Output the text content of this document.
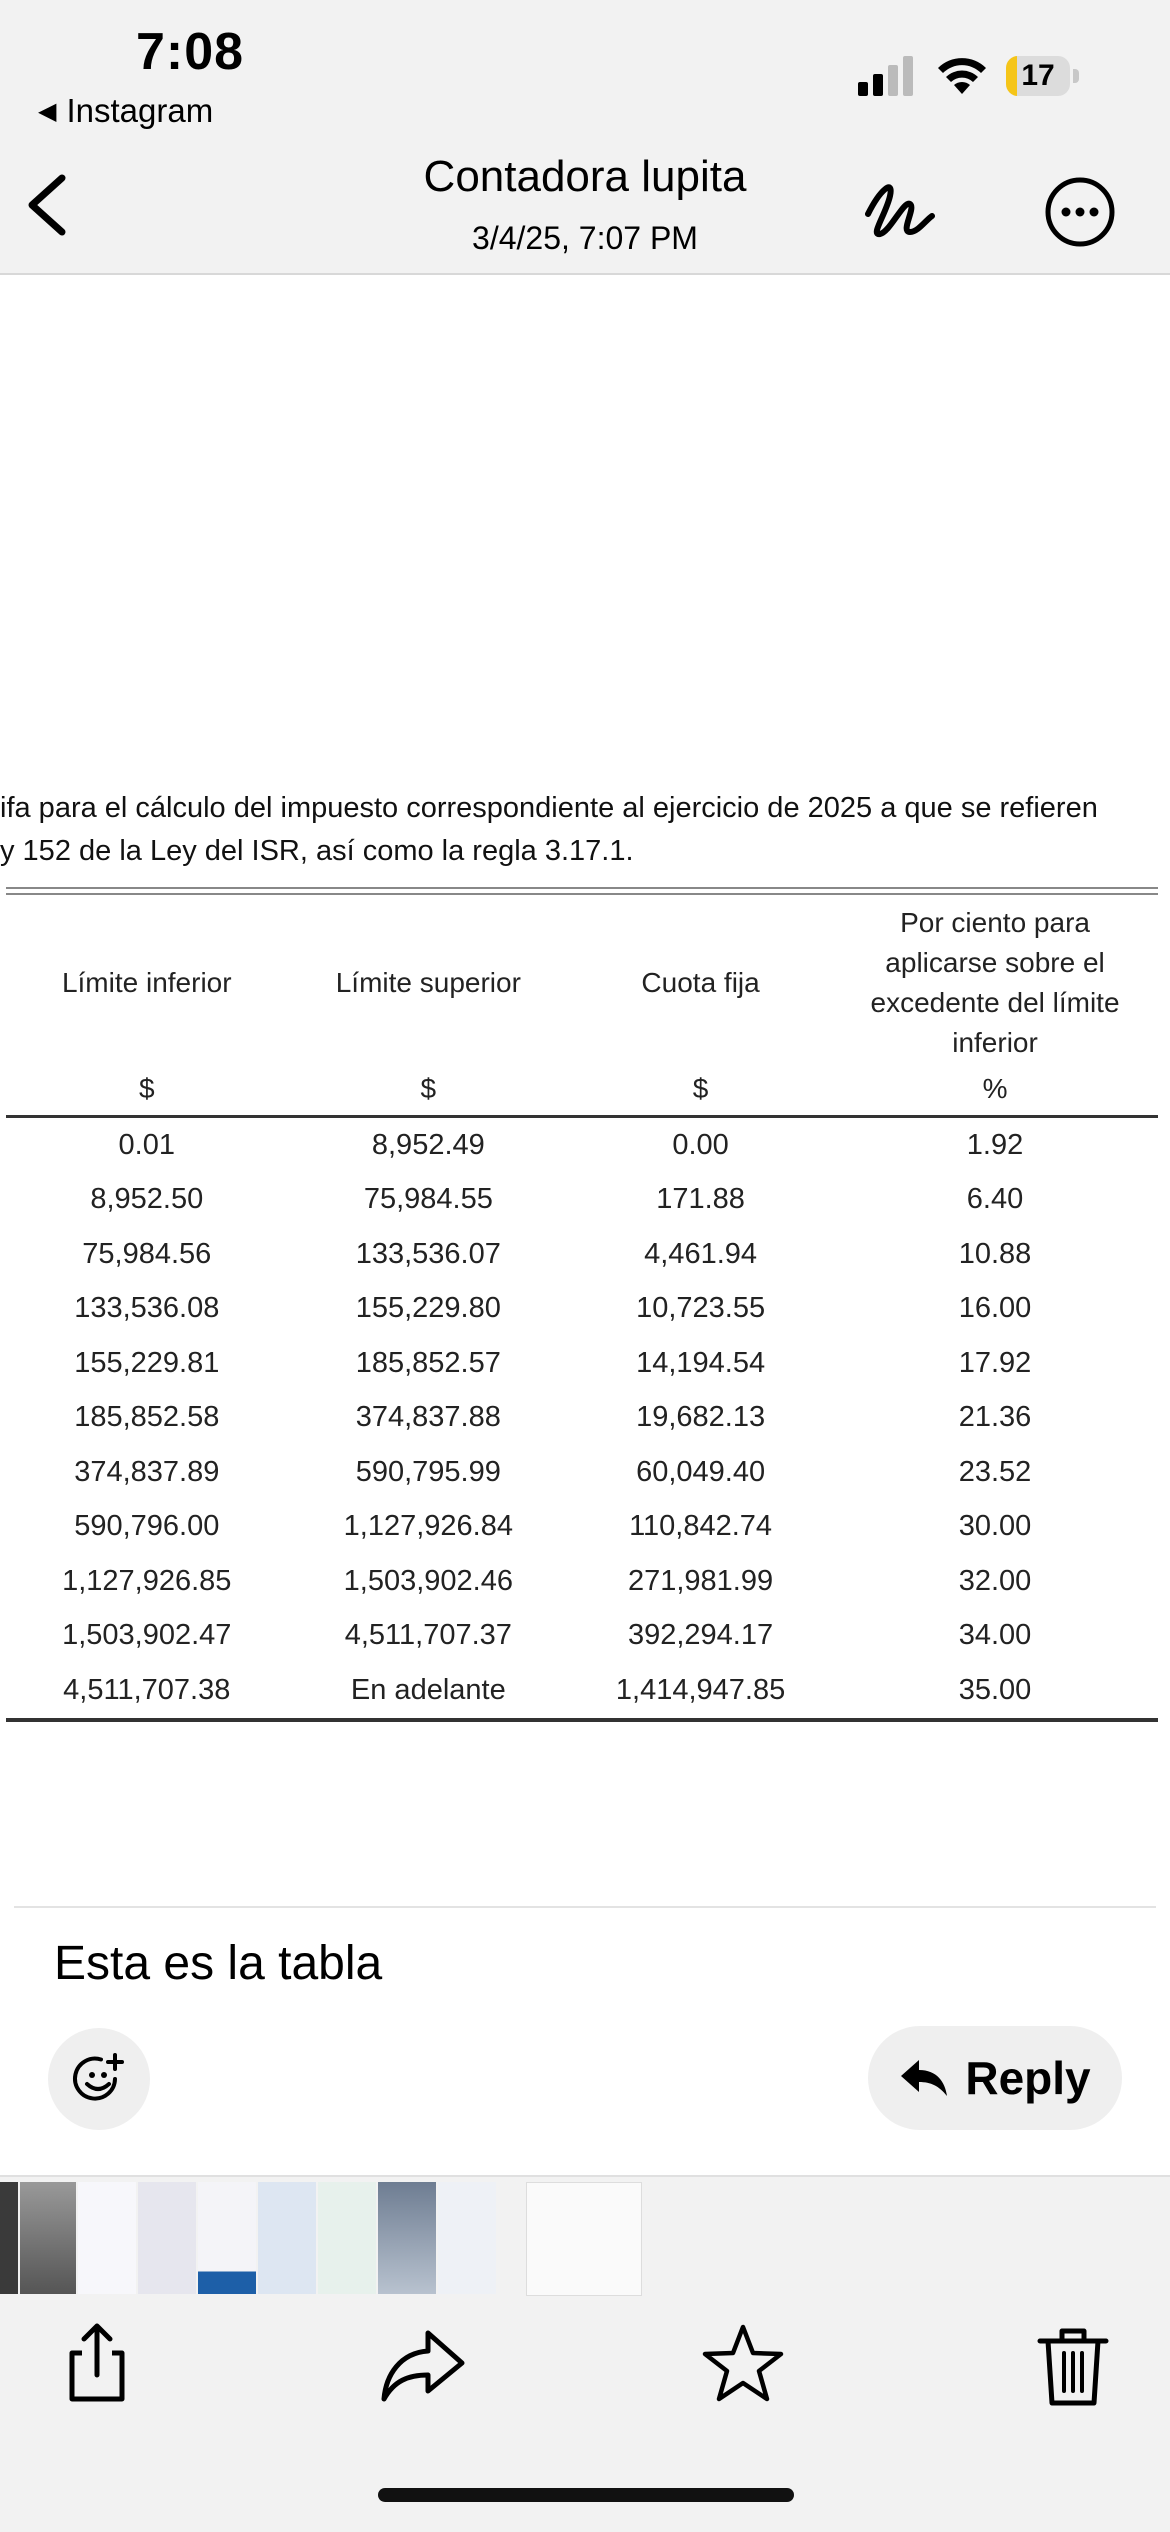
7:08
◀ Instagram
17
Contadora lupita
3/4/25, 7:07 PM
ifa para el cálculo del impuesto correspondiente al ejercicio de 2025 a que se refieren
y 152 de la Ley del ISR, así como la regla 3.17.1.
Límite inferior	Límite superior	Cuota fija	Por ciento para aplicarse sobre el excedente del límite inferior
$	$	$	%
0.01	8,952.49	0.00	1.92
8,952.50	75,984.55	171.88	6.40
75,984.56	133,536.07	4,461.94	10.88
133,536.08	155,229.80	10,723.55	16.00
155,229.81	185,852.57	14,194.54	17.92
185,852.58	374,837.88	19,682.13	21.36
374,837.89	590,795.99	60,049.40	23.52
590,796.00	1,127,926.84	110,842.74	30.00
1,127,926.85	1,503,902.46	271,981.99	32.00
1,503,902.47	4,511,707.37	392,294.17	34.00
4,511,707.38	En adelante	1,414,947.85	35.00
Esta es la tabla
Reply
